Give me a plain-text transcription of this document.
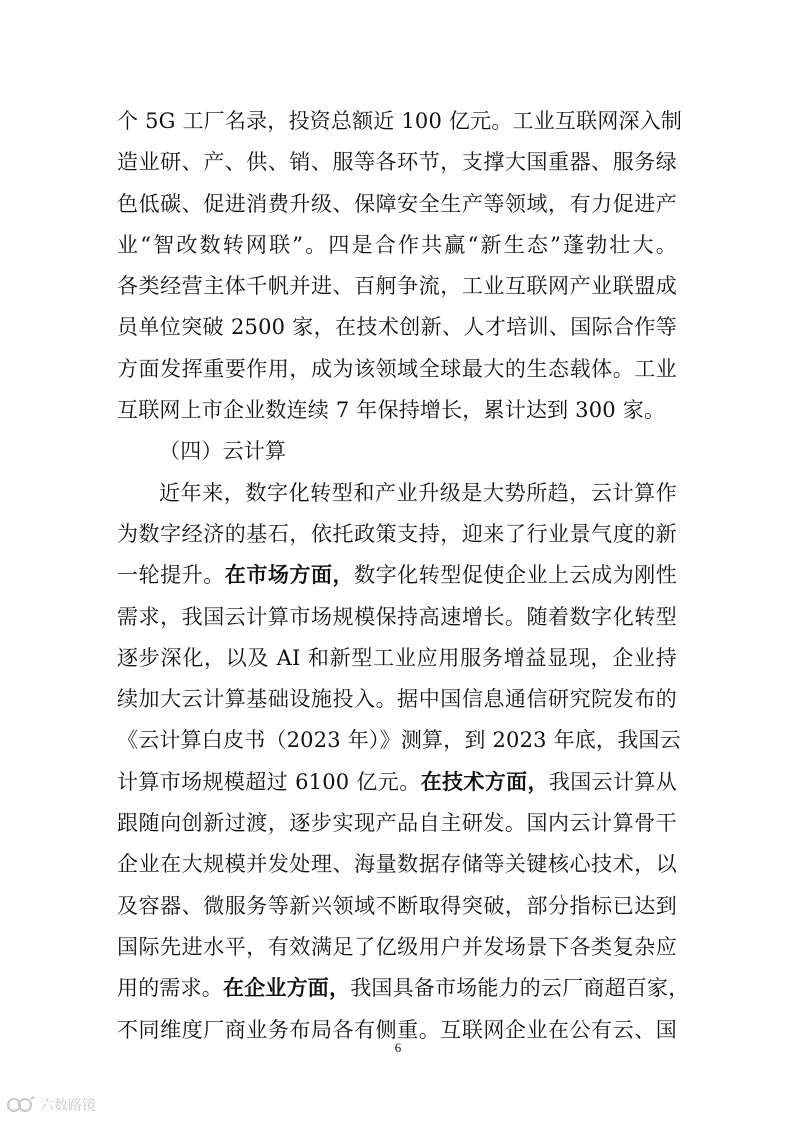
个 5G 工厂名录，投资总额近 100 亿元。工业互联网深入制
造业研、产、供、销、服等各环节，支撑大国重器、服务绿
色低碳、促进消费升级、保障安全生产等领域，有力促进产
业“智改数转网联”。四是合作共赢“新生态”蓬勃壮大。
各类经营主体千帆并进、百舸争流，工业互联网产业联盟成
员单位突破 2500 家，在技术创新、人才培训、国际合作等
方面发挥重要作用，成为该领域全球最大的生态载体。工业
互联网上市企业数连续 7 年保持增长，累计达到 300 家。
（四）云计算
近年来，数字化转型和产业升级是大势所趋，云计算作
为数字经济的基石，依托政策支持，迎来了行业景气度的新
一轮提升。在市场方面，数字化转型促使企业上云成为刚性
需求，我国云计算市场规模保持高速增长。随着数字化转型
逐步深化，以及 AI 和新型工业应用服务增益显现，企业持
续加大云计算基础设施投入。据中国信息通信研究院发布的
《云计算白皮书（2023 年）》测算，到 2023 年底，我国云
计算市场规模超过 6100 亿元。在技术方面，我国云计算从
跟随向创新过渡，逐步实现产品自主研发。国内云计算骨干
企业在大规模并发处理、海量数据存储等关键核心技术，以
及容器、微服务等新兴领域不断取得突破，部分指标已达到
国际先进水平，有效满足了亿级用户并发场景下各类复杂应
用的需求。在企业方面，我国具备市场能力的云厂商超百家，
不同维度厂商业务布局各有侧重。互联网企业在公有云、国
6
六数路镜
